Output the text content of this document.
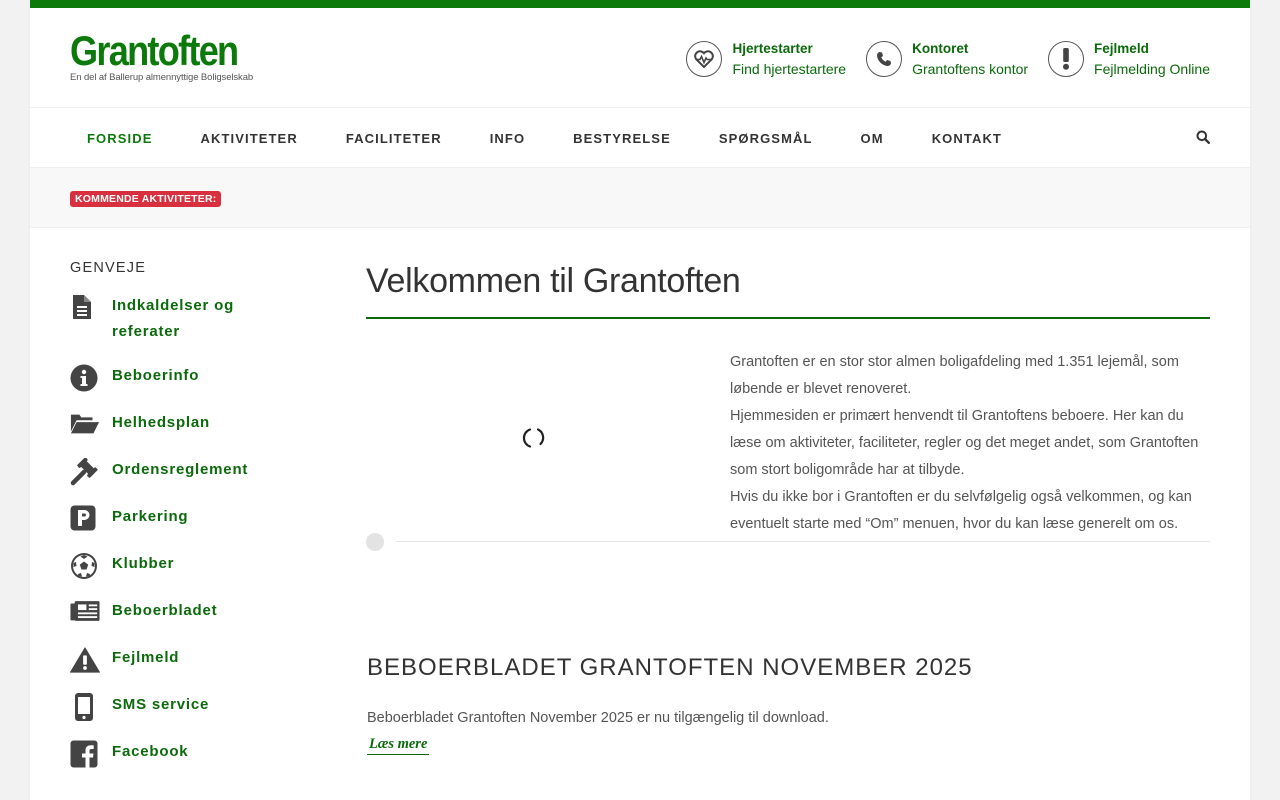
Grantoften
En del af Ballerup almennyttige Boligselskab
Hjertestarter
Find hjertestartere
Kontoret
Grantoftens kontor
Fejlmeld
Fejlmelding Online
FORSIDE	AKTIVITETER	FACILITETER	INFO	BESTYRELSE	SPØRGSMÅL	OM	KONTAKT
KOMMENDE AKTIVITETER:
GENVEJE
Indkaldelser og referater
Beboerinfo
Helhedsplan
Ordensreglement
Parkering
Klubber
Beboerbladet
Fejlmeld
SMS service
Facebook
Velkommen til Grantoften

Grantoften er en stor stor almen boligafdeling med 1.351 lejemål, som løbende er blevet renoveret.

Hjemmesiden er primært henvendt til Grantoftens beboere. Her kan du læse om aktiviteter, faciliteter, regler og det meget andet, som Grantoften som stort boligområde har at tilbyde.

Hvis du ikke bor i Grantoften er du selvfølgelig også velkommen, og kan eventuelt starte med “Om” menuen, hvor du kan læse generelt om os.

BEBOERBLADET GRANTOFTEN NOVEMBER 2025

Beboerbladet Grantoften November 2025 er nu tilgængelig til download.

Læs mere
